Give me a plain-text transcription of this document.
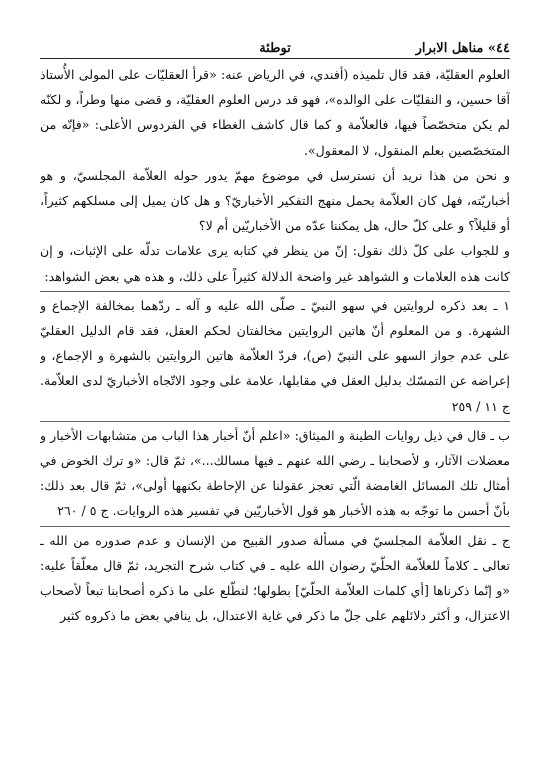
٤٤» مناهل الابرار
توطئة

العلوم العقليّة، فقد قال تلميذه (أفندي، في الرياض عنه: «قرأ العقليّات على المولى الأُستاذ آقا حسين، و النقليّات على الوالده»، فهو قد درس العلوم العقليّة، و قضى منها وطراً، و لكنّه لم يكن متخصّصاً فيها، فالعلاّمة و كما قال كاشف الغطاء في الفردوس الأعلى: «فإنّه من المتخصّصين بعلم المنقول، لا المعقول».

و نحن من هذا نريد أن نسترسل في موضوع مهمّ يدور حوله العلاّمة المجلسيّ، و هو أخباريّته، فهل كان العلاّمة يحمل منهج التفكير الأخباريّ؟ و هل كان يميل إلى مسلكهم كثيراً، أو قليلاً؟ و على كلّ حال، هل يمكننا عدّه من الأخباريّين أم لا؟

و للجواب على كلّ ذلك نقول: إنّ من ينظر في كتابه يرى علامات تدلّه على الإثبات، و إن كانت هذه العلامات و الشواهد غير واضحة الدلالة كثيراً على ذلك، و هذه هي بعض الشواهد:

١ ـ بعد ذكره لروايتين في سهو النبيّ ـ صلّى الله عليه و آله ـ ردّهما بمخالفة الإجماع و الشهرة. و من المعلوم أنّ هاتين الروايتين مخالفتان لحكم العقل، فقد قام الدليل العقليّ على عدم جواز السهو على النبيّ (ص)، فردّ العلاّمة هاتين الروايتين بالشهرة و الإجماع، و إعراضه عن التمسّك بدليل العقل في مقابلها، علامة على وجود الاتّجاه الأخباريّ لدى العلاّمة. ج ١١ / ٢٥٩

ب ـ قال في ذيل روايات الطينة و الميثاق: «اعلم أنّ أخبار هذا الباب من متشابهات الأخبار و معضلات الآثار، و لأصحابنا ـ رضي الله عنهم ـ فيها مسالك...»، ثمّ قال: «و ترك الخوض في أمثال تلك المسائل الغامضة الّتي تعجز عقولنا عن الإحاطة بكنهها أولى»، ثمّ قال بعد ذلك: بأنّ أحسن ما توجّه به هذه الأخبار هو قول الأخباريّين في تفسير هذه الروايات. ج ٥ / ٢٦٠

ج ـ نقل العلاّمة المجلسيّ في مسألة صدور القبيح من الإنسان و عدم صدوره من الله ـ تعالى ـ كلاماً للعلاّمة الحلّيّ رضوان الله عليه ـ في كتاب شرح التجريد، ثمّ قال معلّقاً عليه: «و إنّما ذكرناها [أي كلمات العلاّمة الحلّيّ] بطولها؛ لتطّلع على ما ذكره أصحابنا تبعاً لأصحاب الاعتزال، و أكثر دلائلهم على جلّ ما ذكر في غاية الاعتدال، بل ينافي بعض ما ذكروه كثير
